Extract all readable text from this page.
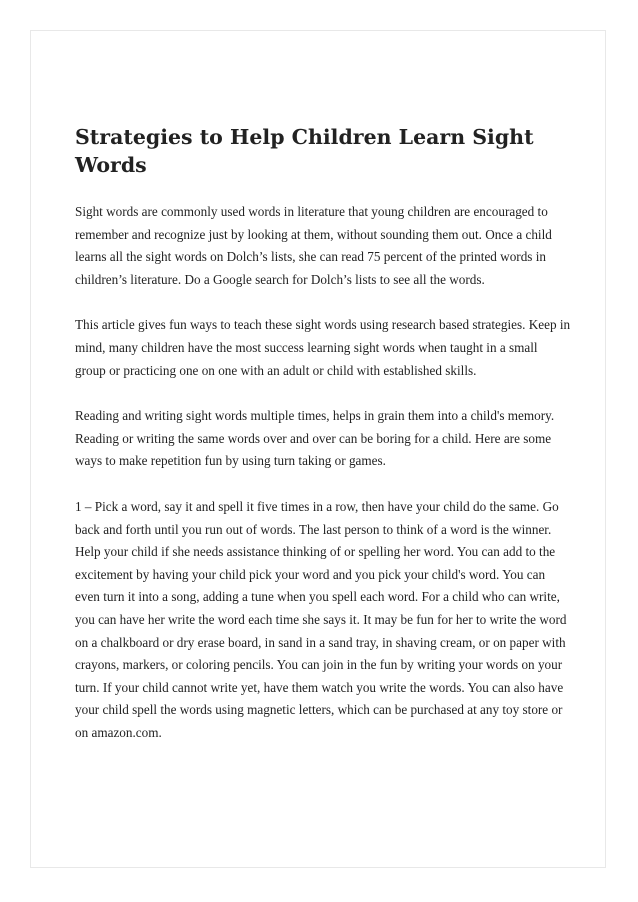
Strategies to Help Children Learn Sight Words

Sight words are commonly used words in literature that young children are encouraged to remember and recognize just by looking at them, without sounding them out. Once a child learns all the sight words on Dolch’s lists, she can read 75 percent of the printed words in children’s literature. Do a Google search for Dolch’s lists to see all the words.

This article gives fun ways to teach these sight words using research based strategies. Keep in mind, many children have the most success learning sight words when taught in a small group or practicing one on one with an adult or child with established skills.

Reading and writing sight words multiple times, helps in grain them into a child's memory. Reading or writing the same words over and over can be boring for a child. Here are some ways to make repetition fun by using turn taking or games.

1 – Pick a word, say it and spell it five times in a row, then have your child do the same. Go back and forth until you run out of words. The last person to think of a word is the winner. Help your child if she needs assistance thinking of or spelling her word. You can add to the excitement by having your child pick your word and you pick your child's word. You can even turn it into a song, adding a tune when you spell each word. For a child who can write, you can have her write the word each time she says it. It may be fun for her to write the word on a chalkboard or dry erase board, in sand in a sand tray, in shaving cream, or on paper with crayons, markers, or coloring pencils. You can join in the fun by writing your words on your turn. If your child cannot write yet, have them watch you write the words. You can also have your child spell the words using magnetic letters, which can be purchased at any toy store or on amazon.com.
